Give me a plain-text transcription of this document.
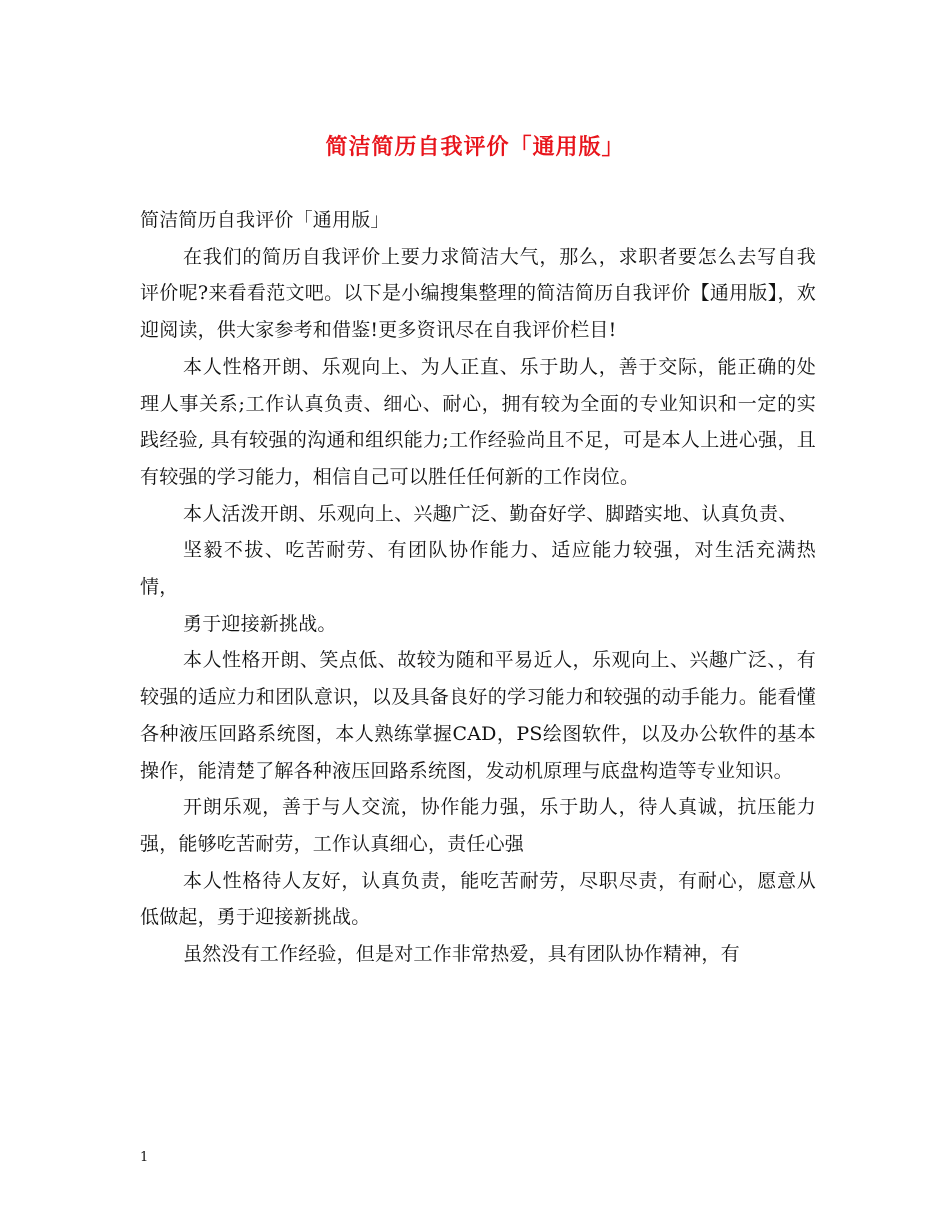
简洁简历自我评价「通用版」

简洁简历自我评价「通用版」

在我们的简历自我评价上要力求简洁大气，那么，求职者要怎么去写自我评价呢?来看看范文吧。以下是小编搜集整理的简洁简历自我评价【通用版】，欢迎阅读，供大家参考和借鉴!更多资讯尽在自我评价栏目!

本人性格开朗、乐观向上、为人正直、乐于助人，善于交际，能正确的处理人事关系;工作认真负责、细心、耐心，拥有较为全面的专业知识和一定的实践经验, 具有较强的沟通和组织能力;工作经验尚且不足，可是本人上进心强，且有较强的学习能力，相信自己可以胜任任何新的工作岗位。

本人活泼开朗、乐观向上、兴趣广泛、勤奋好学、脚踏实地、认真负责、

坚毅不拔、吃苦耐劳、有团队协作能力、适应能力较强，对生活充满热情，

勇于迎接新挑战。

本人性格开朗、笑点低、故较为随和平易近人，乐观向上、兴趣广泛、，有较强的适应力和团队意识，以及具备良好的学习能力和较强的动手能力。能看懂各种液压回路系统图，本人熟练掌握CAD，PS绘图软件，以及办公软件的基本操作，能清楚了解各种液压回路系统图，发动机原理与底盘构造等专业知识。

开朗乐观，善于与人交流，协作能力强，乐于助人，待人真诚，抗压能力强，能够吃苦耐劳，工作认真细心，责任心强

本人性格待人友好，认真负责，能吃苦耐劳，尽职尽责，有耐心，愿意从低做起，勇于迎接新挑战。

虽然没有工作经验，但是对工作非常热爱，具有团队协作精神，有

1
